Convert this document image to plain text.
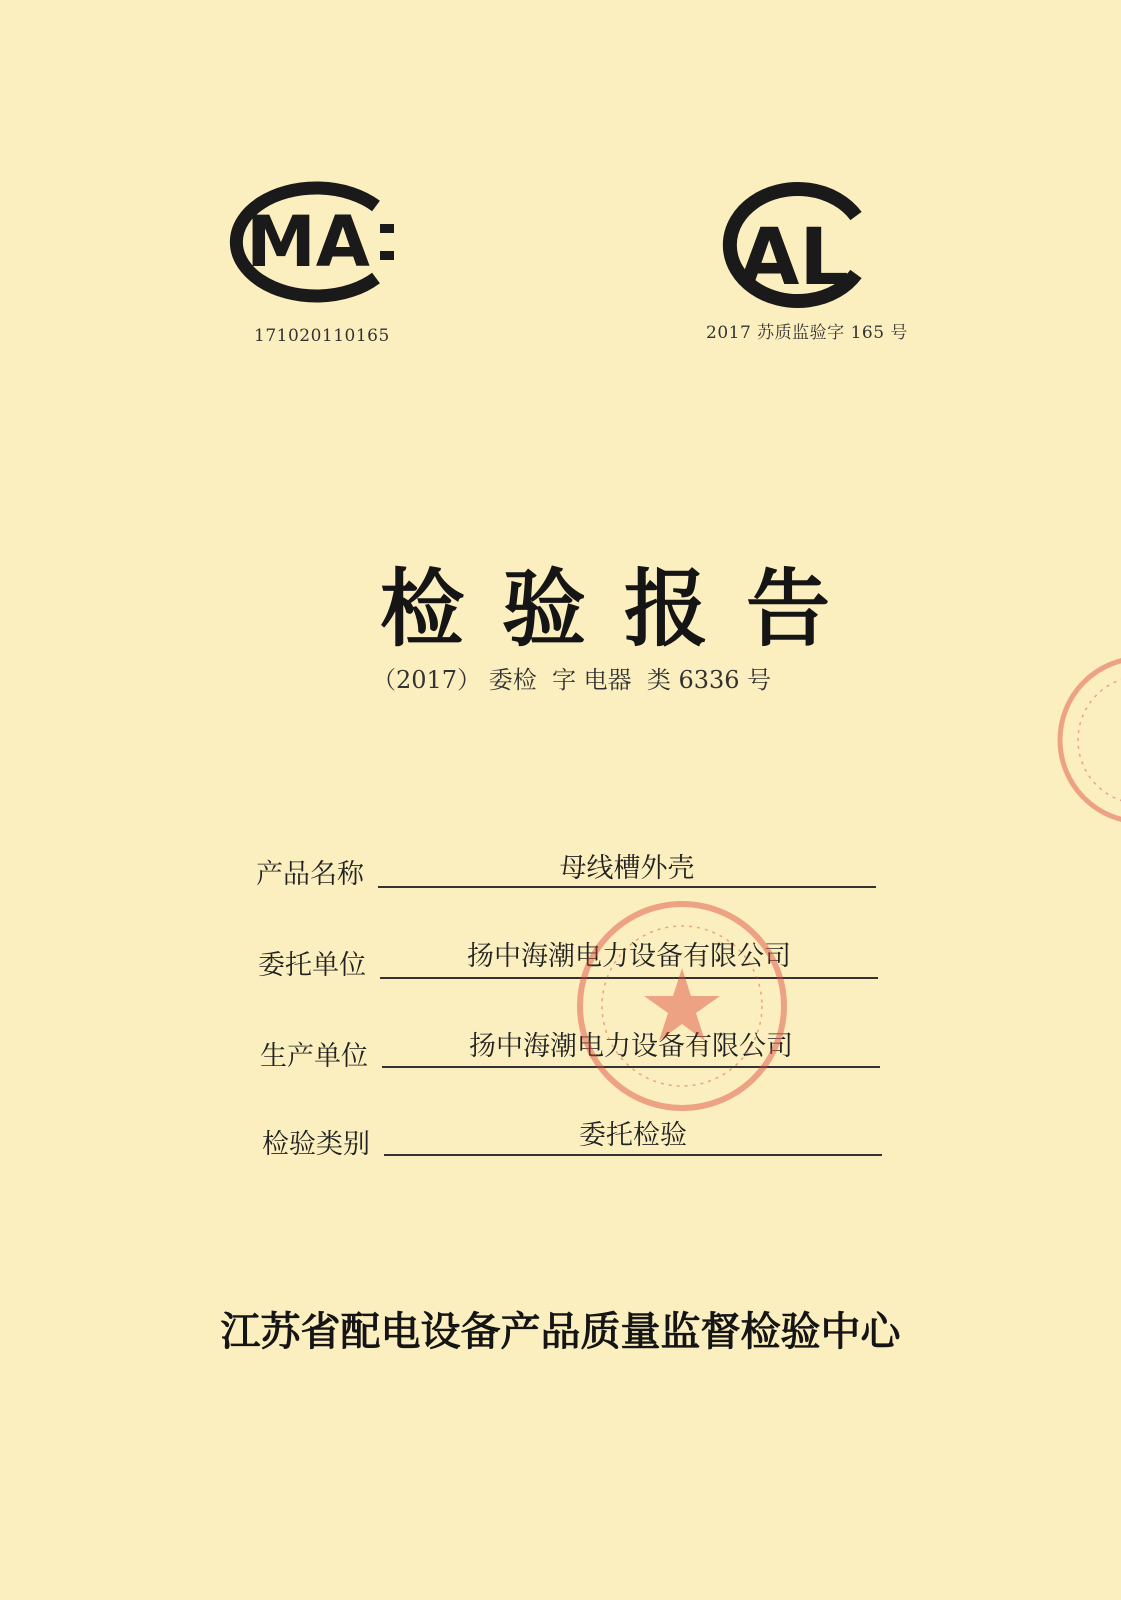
MA
171020110165
AL
2017 苏质监验字 165 号
检验报告
（2017） 委检  字 电器  类 6336 号
产品名称	母线槽外壳
委托单位	扬中海潮电力设备有限公司
生产单位	扬中海潮电力设备有限公司
检验类别	委托检验
江苏省配电设备产品质量监督检验中心
